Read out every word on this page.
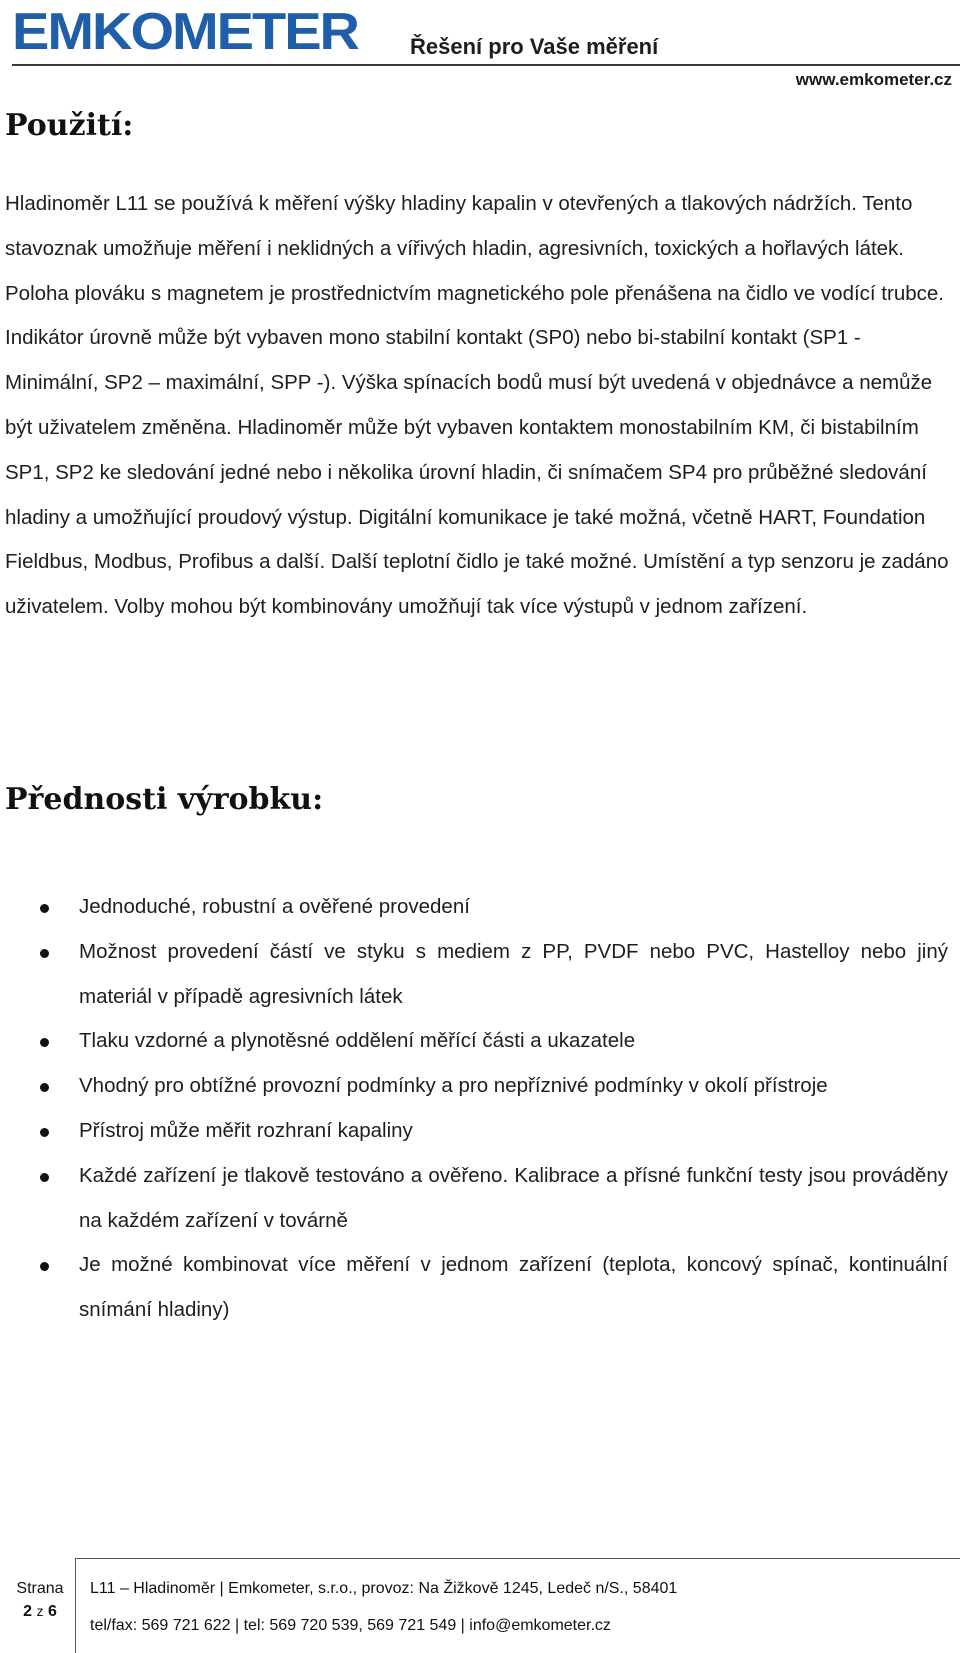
EMKOMETER Řešení pro Vaše měření
www.emkometer.cz
Použití:

Hladinoměr L11 se používá k měření výšky hladiny kapalin v otevřených a tlakových nádržích. Tento stavoznak umožňuje měření i neklidných a vířivých hladin, agresivních, toxických a hořlavých látek. Poloha plováku s magnetem je prostřednictvím magnetického pole přenášena na čidlo ve vodící trubce. Indikátor úrovně může být vybaven mono stabilní kontakt (SP0) nebo bi-stabilní kontakt (SP1 - Minimální, SP2 – maximální, SPP -). Výška spínacích bodů musí být uvedená v objednávce a nemůže být uživatelem změněna. Hladinoměr může být vybaven kontaktem monostabilním KM, či bistabilním SP1, SP2 ke sledování jedné nebo i několika úrovní hladin, či snímačem SP4 pro průběžné sledování hladiny a umožňující proudový výstup. Digitální komunikace je také možná, včetně HART, Foundation Fieldbus, Modbus, Profibus a další. Další teplotní čidlo je také možné. Umístění a typ senzoru je zadáno uživatelem. Volby mohou být kombinovány umožňují tak více výstupů v jednom zařízení.

Přednosti výrobku:
Jednoduché, robustní a ověřené provedení
Možnost provedení částí ve styku s mediem z PP, PVDF nebo PVC, Hastelloy nebo jiný materiál v případě agresivních látek
Tlaku vzdorné a plynotěsné oddělení měřící části a ukazatele
Vhodný pro obtížné provozní podmínky a pro nepříznivé podmínky v okolí přístroje
Přístroj může měřit rozhraní kapaliny
Každé zařízení je tlakově testováno a ověřeno. Kalibrace a přísné funkční testy jsou prováděny na každém zařízení v továrně
Je možné kombinovat více měření v jednom zařízení (teplota, koncový spínač, kontinuální snímání hladiny)
Strana
2 z 6
L11 – Hladinoměr | Emkometer, s.r.o., provoz: Na Žižkově 1245, Ledeč n/S., 58401
tel/fax: 569 721 622 | tel: 569 720 539, 569 721 549 | info@emkometer.cz
